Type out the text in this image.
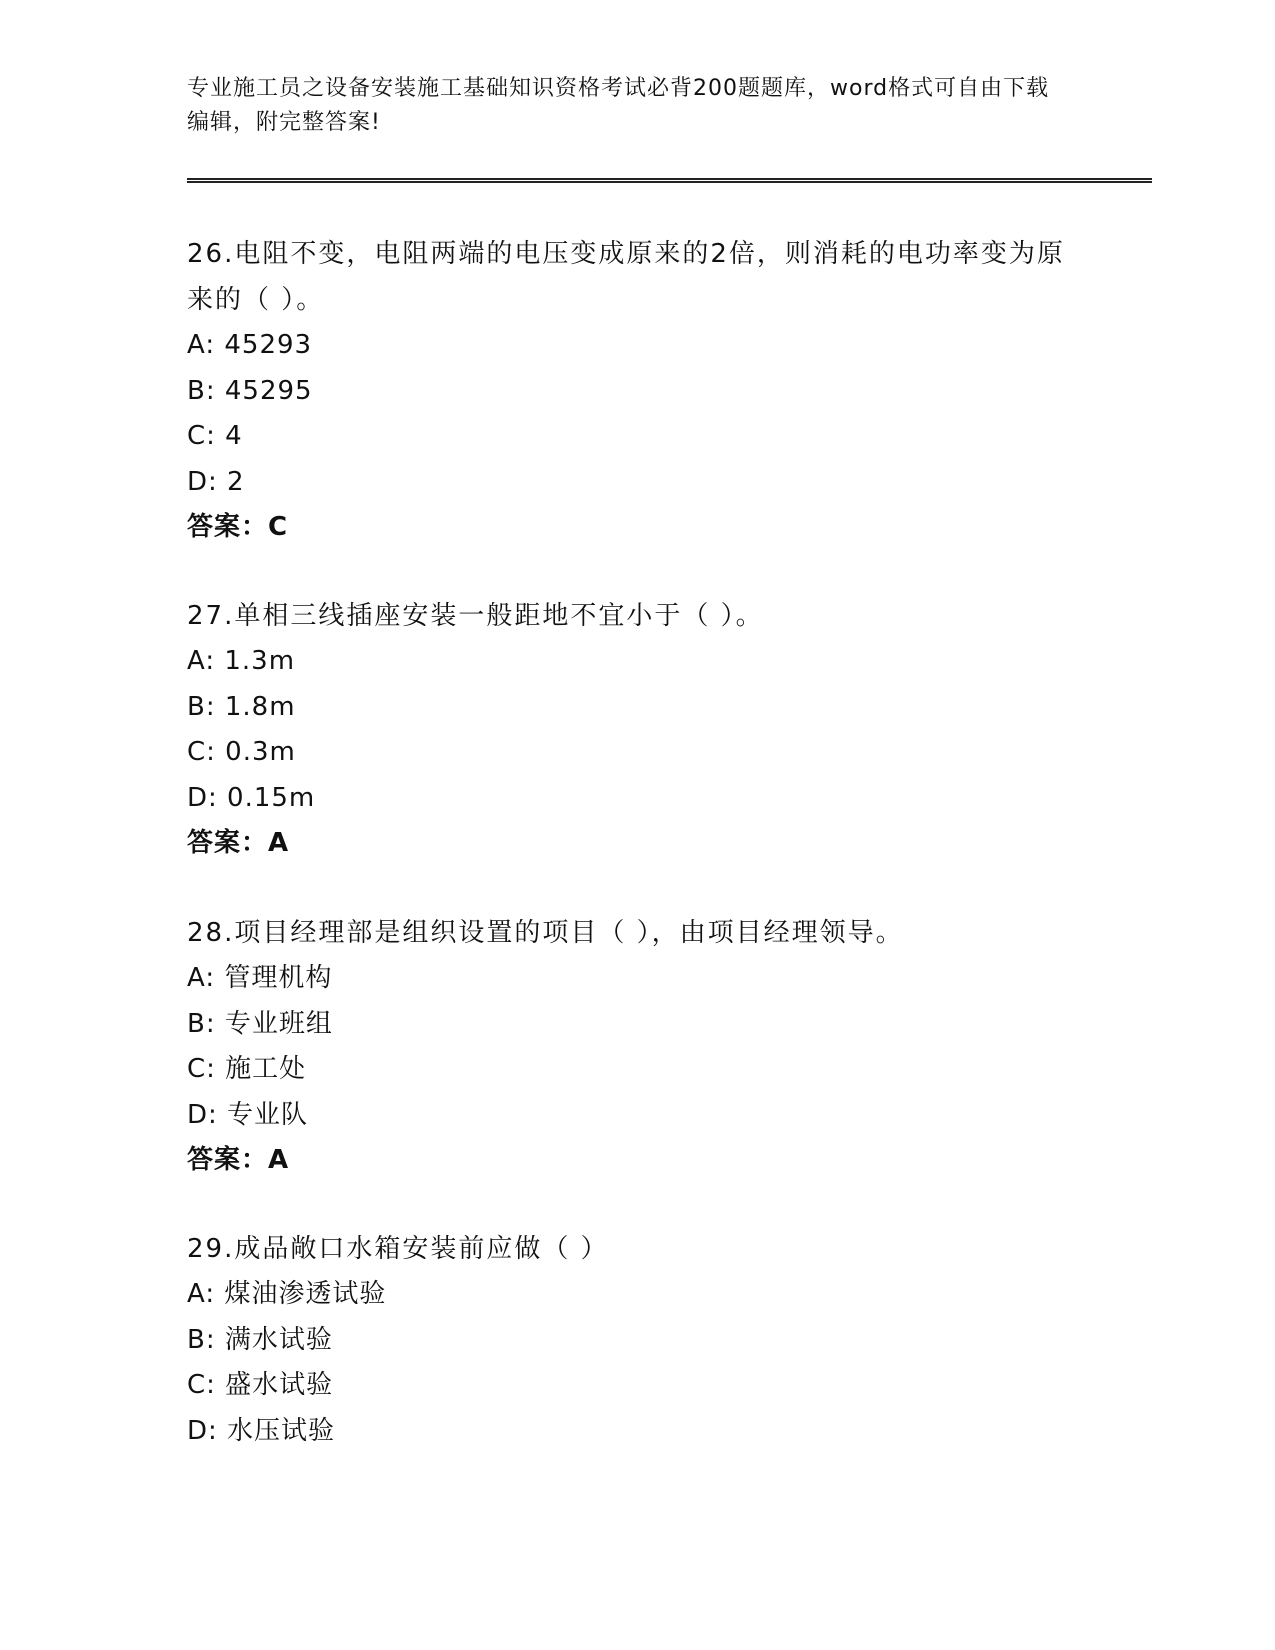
专业施工员之设备安装施工基础知识资格考试必背200题题库，word格式可自由下载编辑，附完整答案!
26.电阻不变，电阻两端的电压变成原来的2倍，则消耗的电功率变为原来的（ ）。
A: 45293
B: 45295
C: 4
D: 2
答案：C
27.单相三线插座安装一般距地不宜小于（ ）。
A: 1.3m
B: 1.8m
C: 0.3m
D: 0.15m
答案：A
28.项目经理部是组织设置的项目（ ），由项目经理领导。
A: 管理机构
B: 专业班组
C: 施工处
D: 专业队
答案：A
29.成品敞口水箱安装前应做（ ）
A: 煤油渗透试验
B: 满水试验
C: 盛水试验
D: 水压试验
